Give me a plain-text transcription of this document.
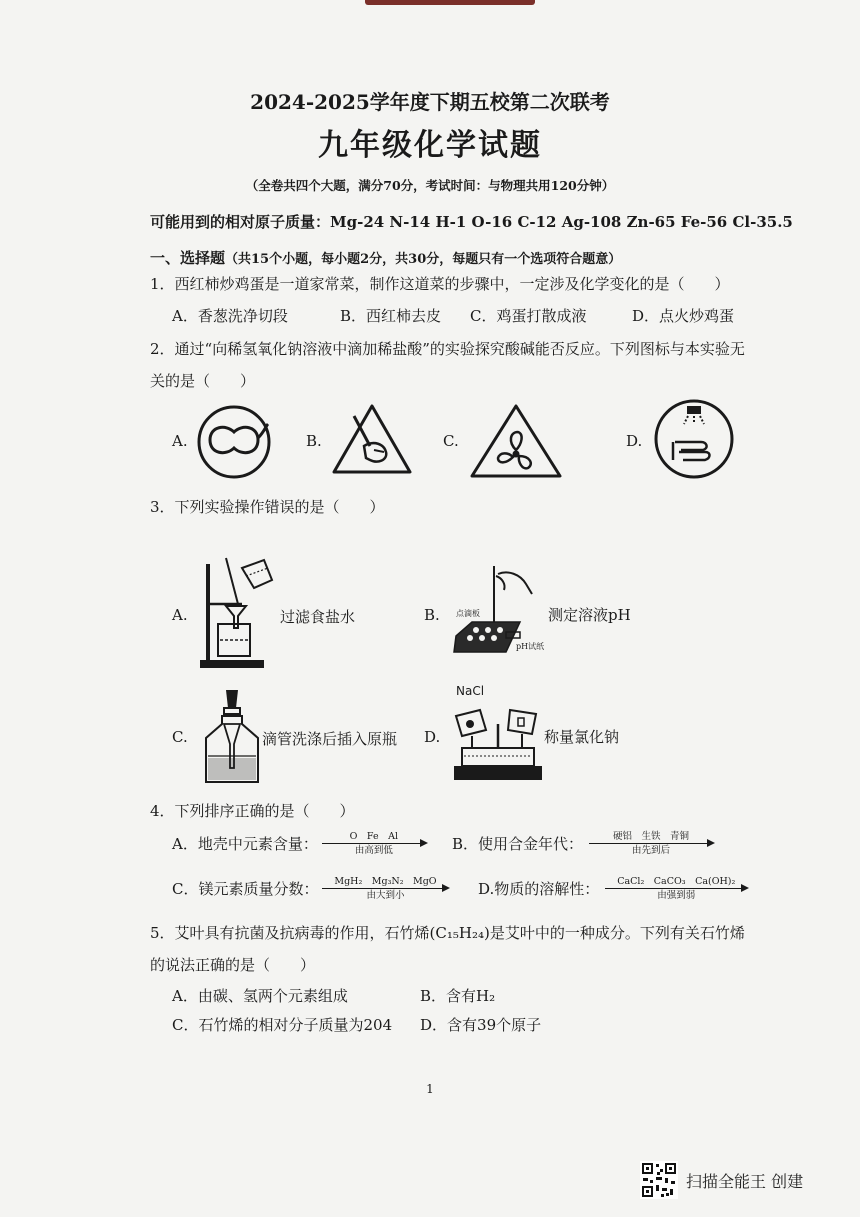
2024-2025学年度下期五校第二次联考
九年级化学试题
（全卷共四个大题，满分70分，考试时间：与物理共用120分钟）
可能用到的相对原子质量：Mg-24 N-14 H-1 O-16 C-12 Ag-108 Zn-65 Fe-56 Cl-35.5
一、选择题（共15个小题，每小题2分，共30分，每题只有一个选项符合题意）
1．西红柿炒鸡蛋是一道家常菜，制作这道菜的步骤中，一定涉及化学变化的是（　　）
A．香葱洗净切段	B．西红柿去皮 C．鸡蛋打散成液	D．点火炒鸡蛋
2．通过“向稀氢氧化钠溶液中滴加稀盐酸”的实验探究酸碱能否反应。下列图标与本实验无
关的是（　　）
A.	B.	C.	D.
3．下列实验操作错误的是（　　）
A.	过滤食盐水	B. 点滴板
pH试纸
测定溶液pH
C.	滴管洗涤后插入原瓶
NaCl
D.	称量氯化钠
4．下列排序正确的是（　　）
A．地壳中元素含量：	O　Fe　Al
由高到低	B．使用合金年代：	硬铝　生铁　青铜
由先到后
C．镁元素质量分数：	MgH₂　Mg₃N₂　MgO
由大到小	D.物质的溶解性：	CaCl₂　CaCO₃　Ca(OH)₂
由强到弱
5．艾叶具有抗菌及抗病毒的作用，石竹烯(C₁₅H₂₄)是艾叶中的一种成分。下列有关石竹烯
的说法正确的是（　　）
A．由碳、氢两个元素组成	B．含有H₂
C．石竹烯的相对分子质量为204 D．含有39个原子
1
扫描全能王 创建
